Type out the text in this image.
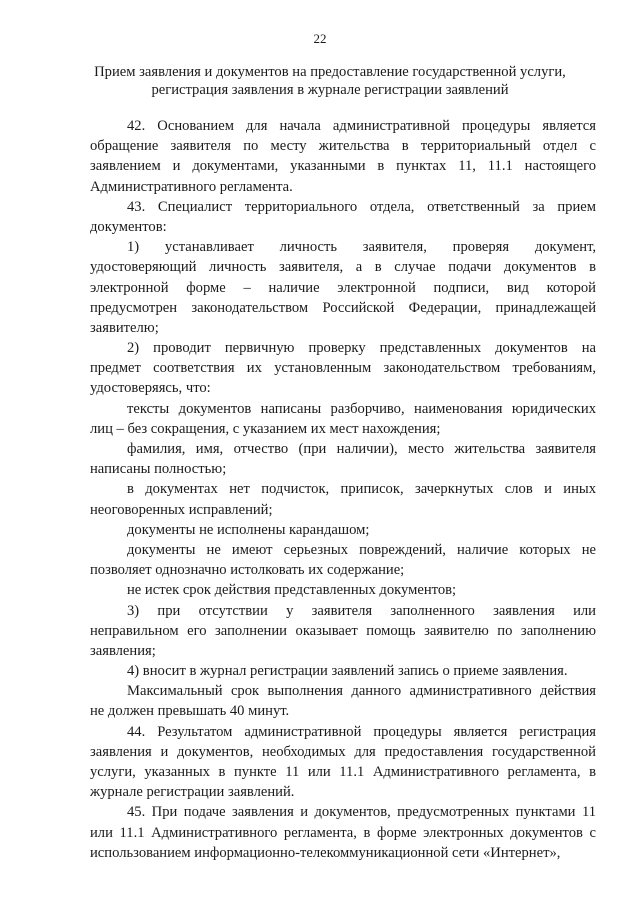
22
Прием заявления и документов на предоставление государственной услуги,
регистрация заявления в журнале регистрации заявлений
42. Основанием для начала административной процедуры является
обращение заявителя по месту жительства в территориальный отдел с
заявлением и документами, указанными в пунктах 11, 11.1 настоящего
Административного регламента.
43. Специалист территориального отдела, ответственный за прием
документов:
1) устанавливает личность заявителя, проверяя документ,
удостоверяющий личность заявителя, а в случае подачи документов в
электронной форме – наличие электронной подписи, вид которой
предусмотрен законодательством Российской Федерации, принадлежащей
заявителю;
2) проводит первичную проверку представленных документов на
предмет соответствия их установленным законодательством требованиям,
удостоверяясь, что:
тексты документов написаны разборчиво, наименования юридических
лиц – без сокращения, с указанием их мест нахождения;
фамилия, имя, отчество (при наличии), место жительства заявителя
написаны полностью;
в документах нет подчисток, приписок, зачеркнутых слов и иных
неоговоренных исправлений;
документы не исполнены карандашом;
документы не имеют серьезных повреждений, наличие которых не
позволяет однозначно истолковать их содержание;
не истек срок действия представленных документов;
3) при отсутствии у заявителя заполненного заявления или
неправильном его заполнении оказывает помощь заявителю по заполнению
заявления;
4) вносит в журнал регистрации заявлений запись о приеме заявления.
Максимальный срок выполнения данного административного действия
не должен превышать 40 минут.
44. Результатом административной процедуры является регистрация
заявления и документов, необходимых для предоставления государственной
услуги, указанных в пункте 11 или 11.1 Административного регламента, в
журнале регистрации заявлений.
45. При подаче заявления и документов, предусмотренных пунктами 11
или 11.1 Административного регламента, в форме электронных документов с
использованием информационно-телекоммуникационной сети «Интернет»,
